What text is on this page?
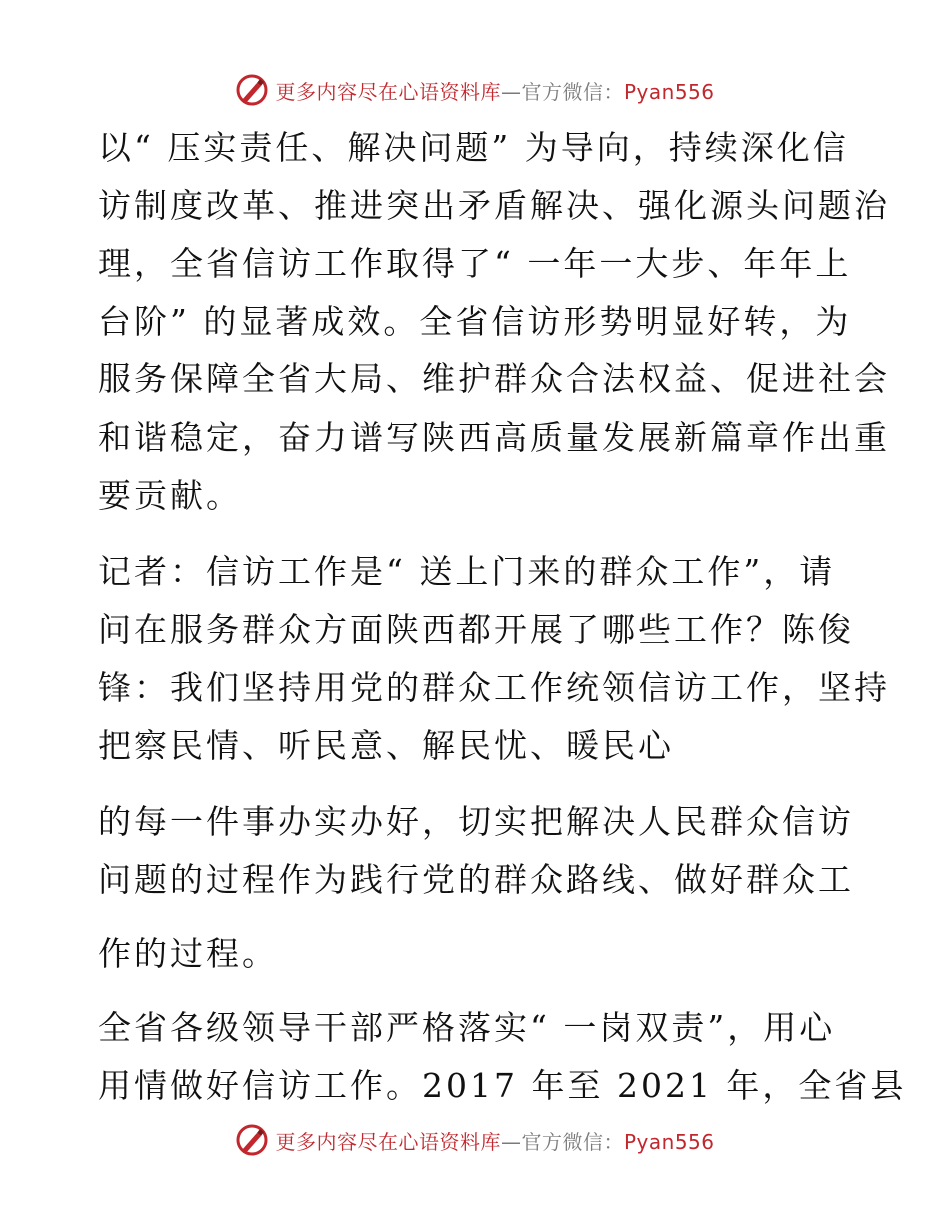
更多内容尽在心语资料库—官方微信：Pyan556
以“ 压实责任、解决问题” 为导向，持续深化信
访制度改革、推进突出矛盾解决、强化源头问题治
理，全省信访工作取得了“ 一年一大步、年年上
台阶” 的显著成效。全省信访形势明显好转，为
服务保障全省大局、维护群众合法权益、促进社会
和谐稳定，奋力谱写陕西高质量发展新篇章作出重
要贡献。
记者：信访工作是“ 送上门来的群众工作”，请
问在服务群众方面陕西都开展了哪些工作？陈俊
锋：我们坚持用党的群众工作统领信访工作，坚持
把察民情、听民意、解民忧、暖民心
的每一件事办实办好，切实把解决人民群众信访
问题的过程作为践行党的群众路线、做好群众工
作的过程。
全省各级领导干部严格落实“ 一岗双责”，用心
用情做好信访工作。2017 年至 2021 年，全省县
更多内容尽在心语资料库—官方微信：Pyan556
